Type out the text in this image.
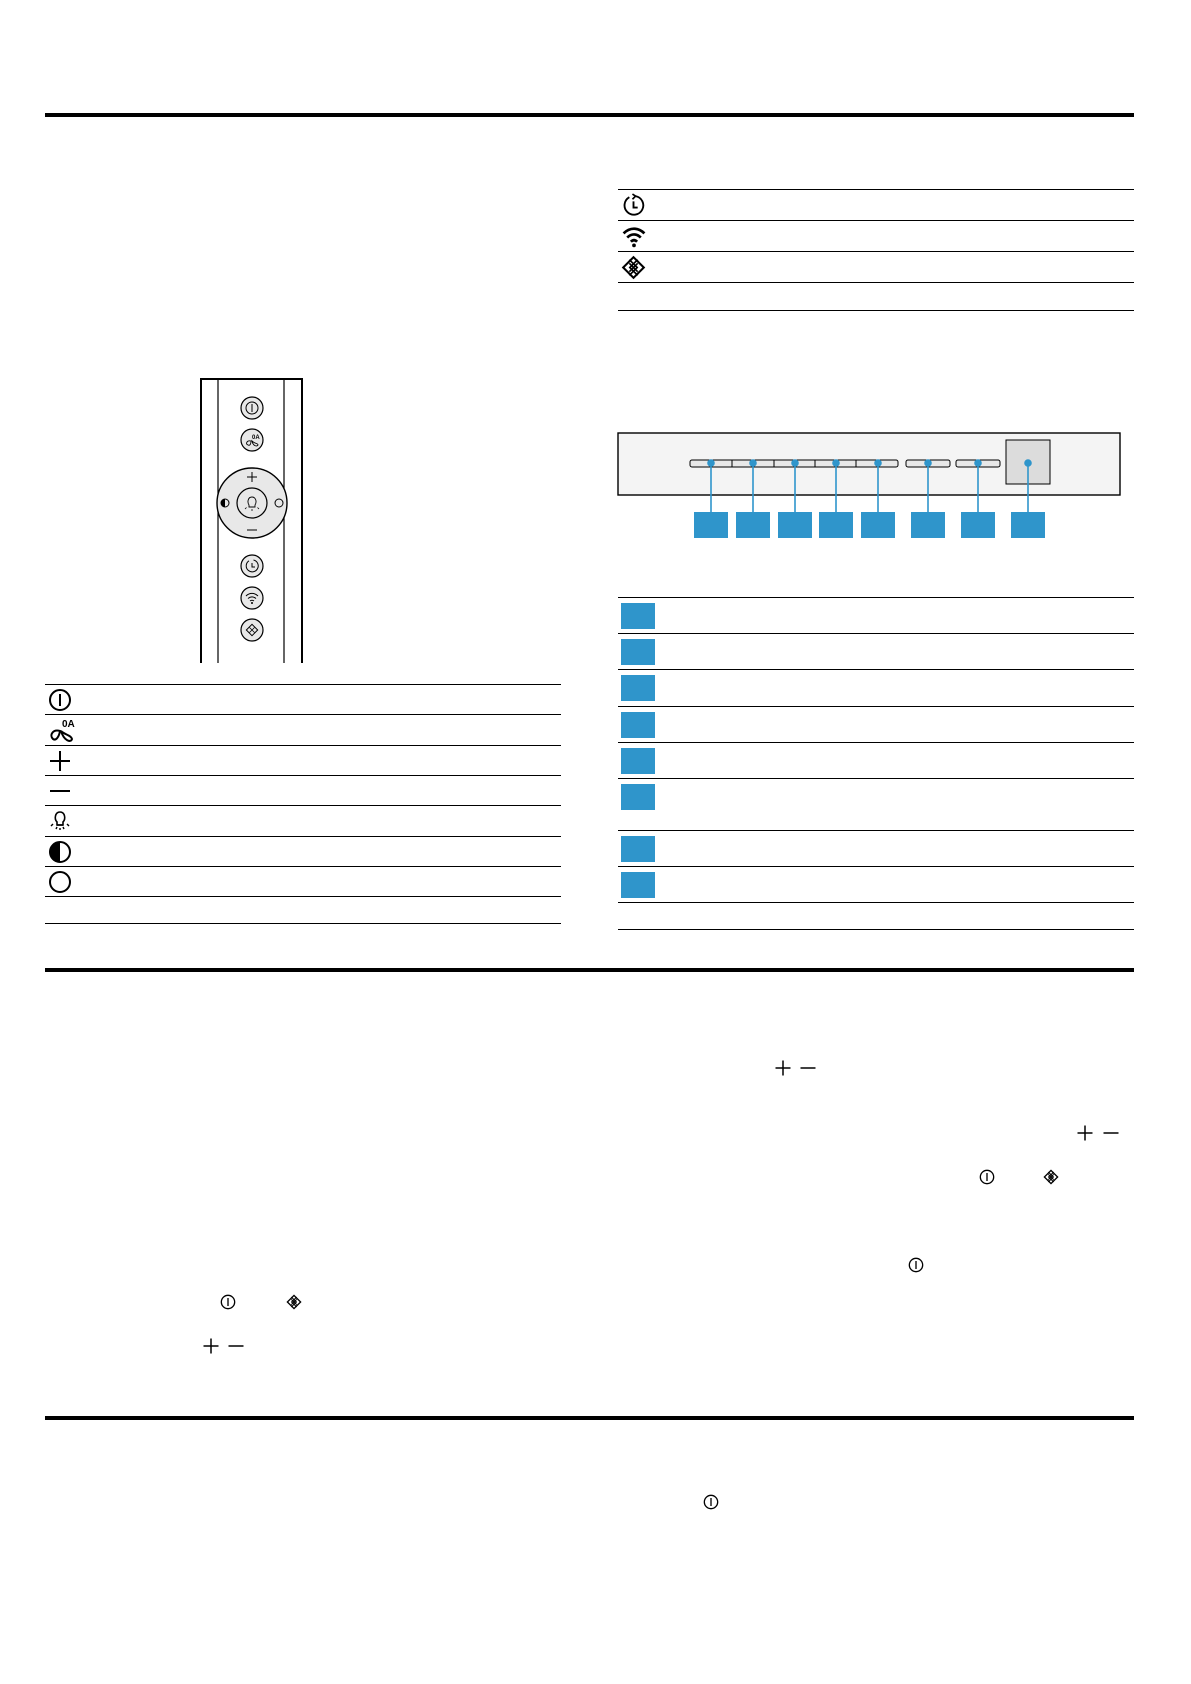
0A
